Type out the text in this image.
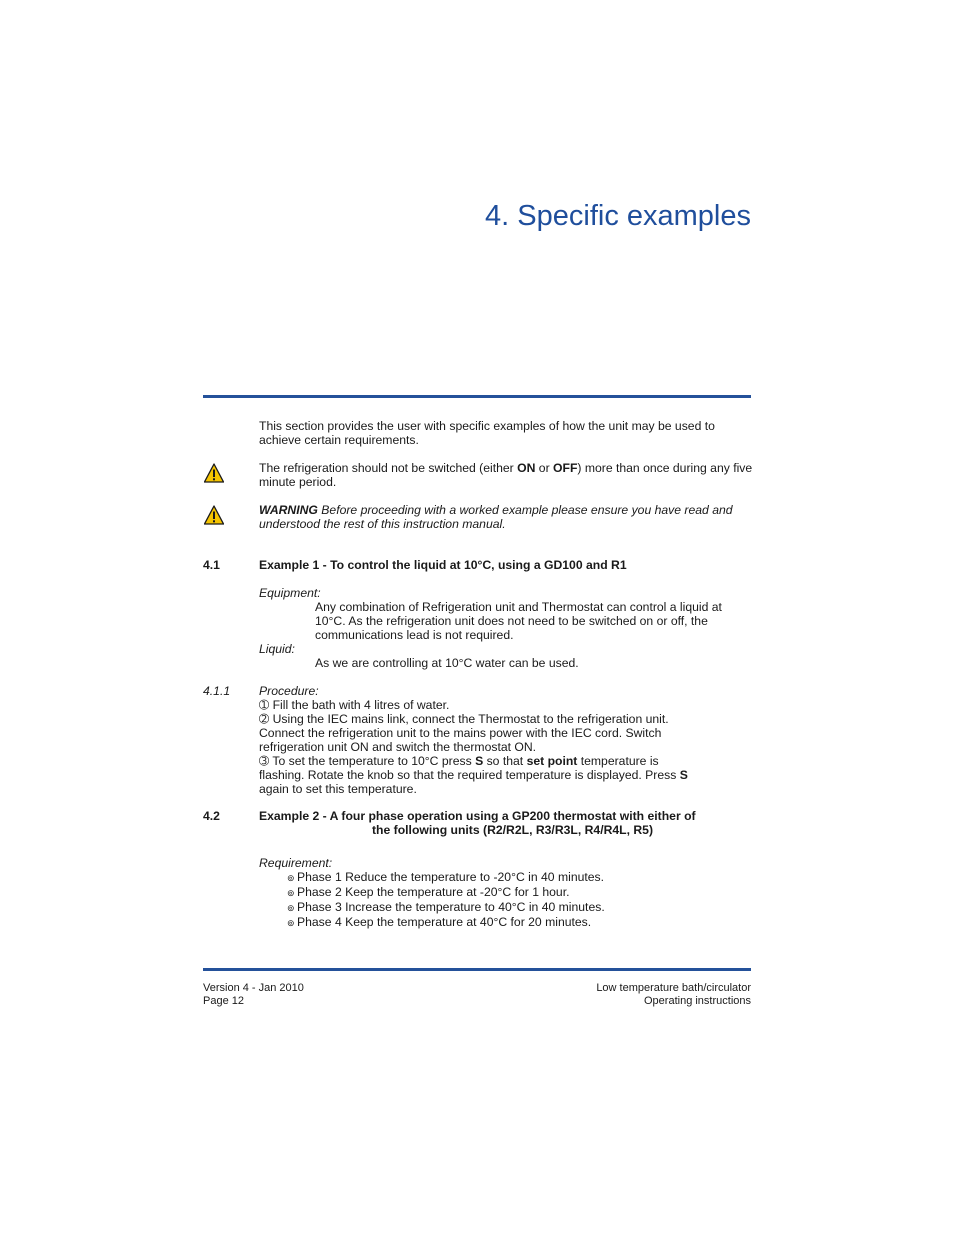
4. Specific examples
This section provides the user with specific examples of how the unit may be used to achieve certain requirements.
The refrigeration should not be switched (either ON or OFF) more than once during any five minute period.
WARNING Before proceeding with a worked example please ensure you have read and understood the rest of this instruction manual.
4.1	Example 1 - To control the liquid at 10°C, using a GD100 and R1
Equipment:
Any combination of Refrigeration unit and Thermostat can control a liquid at 10°C. As the refrigeration unit does not need to be switched on or off, the communications lead is not required.
Liquid:
As we are controlling at 10°C water can be used.
4.1.1 Procedure:
➀ Fill the bath with 4 litres of water.
➁ Using the IEC mains link, connect the Thermostat to the refrigeration unit. Connect the refrigeration unit to the mains power with the IEC cord. Switch refrigeration unit ON and switch the thermostat ON.
➂ To set the temperature to 10°C press S so that set point temperature is flashing. Rotate the knob so that the required temperature is displayed. Press S again to set this temperature.
4.2	Example 2 - A four phase operation using a GP200 thermostat with either of
the following units (R2/R2L, R3/R3L, R4/R4L, R5)
Requirement:
⊚ Phase 1 Reduce the temperature to -20°C in 40 minutes.
⊚ Phase 2 Keep the temperature at -20°C for 1 hour.
⊚ Phase 3 Increase the temperature to 40°C in 40 minutes.
⊚ Phase 4 Keep the temperature at 40°C for 20 minutes.
Version 4 - Jan 2010
Page 12
Low temperature bath/circulator
Operating instructions
